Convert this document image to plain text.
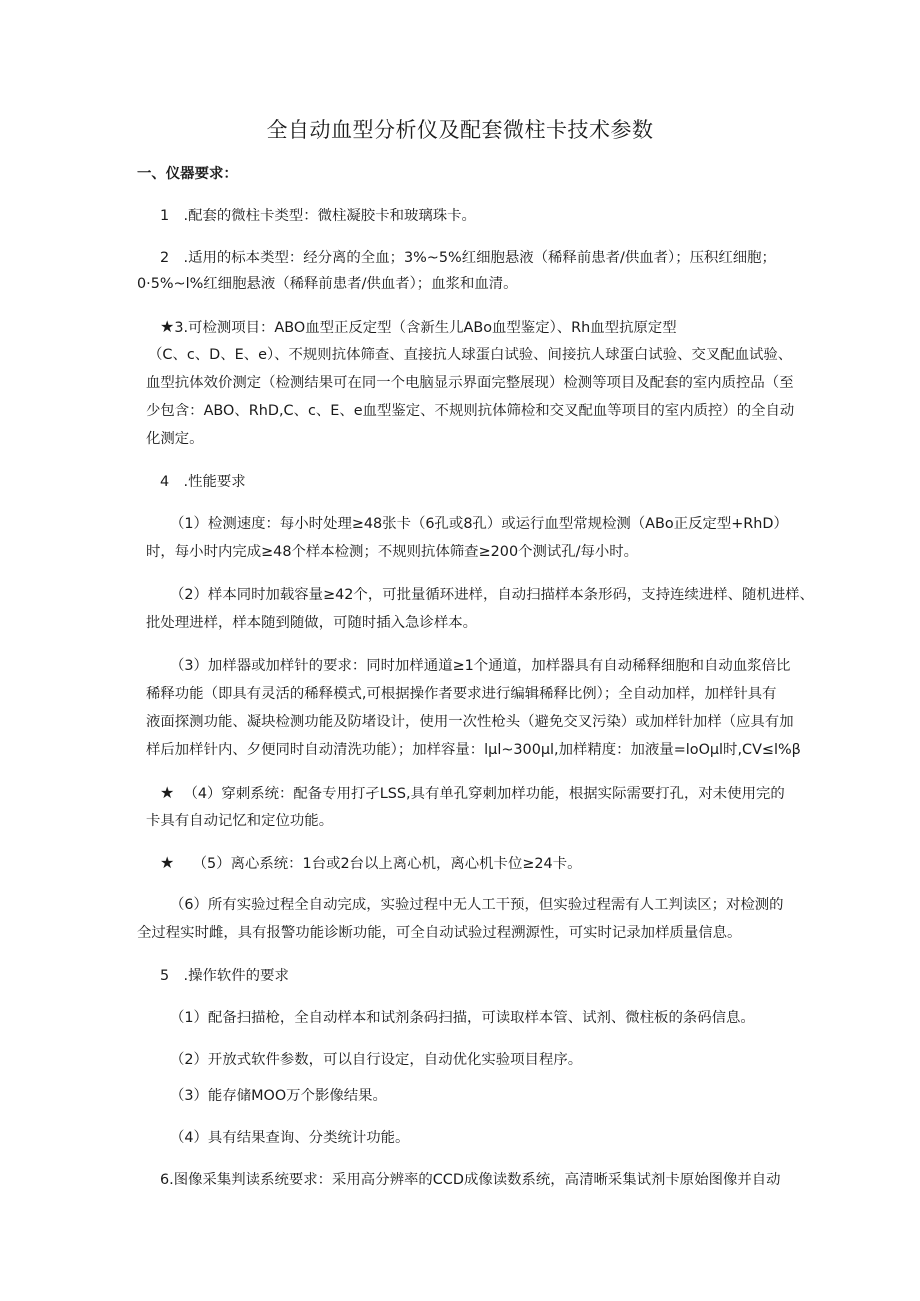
全自动血型分析仪及配套微柱卡技术参数
一、仪器要求：
1　.配套的微柱卡类型：微柱凝胶卡和玻璃珠卡。
2　.适用的标本类型：经分离的全血；3%~5%红细胞悬液（稀释前患者/供血者）；压积红细胞；
0·5%~l%红细胞悬液（稀释前患者/供血者）；血浆和血清。
★3.可检测项目：ABO血型正反定型（含新生儿ABo血型鉴定）、Rh血型抗原定型
（C、c、D、E、e）、不规则抗体筛查、直接抗人球蛋白试验、间接抗人球蛋白试验、交叉配血试验、
血型抗体效价测定（检测结果可在同一个电脑显示界面完整展现）检测等项目及配套的室内质控品（至
少包含：ABO、RhD,C、c、E、e血型鉴定、不规则抗体筛检和交叉配血等项目的室内质控）的全自动
化测定。
4　.性能要求
（1）检测速度：每小时处理≥48张卡（6孔或8孔）或运行血型常规检测（ABo正反定型+RhD）
时，每小时内完成≥48个样本检测；不规则抗体筛查≥200个测试孔/每小时。
（2）样本同时加载容量≥42个，可批量循环进样，自动扫描样本条形码，支持连续进样、随机进样、
批处理进样，样本随到随做，可随时插入急诊样本。
（3）加样器或加样针的要求：同时加样通道≥1个通道，加样器具有自动稀释细胞和自动血浆倍比
稀释功能（即具有灵活的稀释模式,可根据操作者要求进行编辑稀释比例）；全自动加样，加样针具有
液面探测功能、凝块检测功能及防堵设计，使用一次性枪头（避免交叉污染）或加样针加样（应具有加
样后加样针内、夕便同时自动清洗功能）；加样容量：lμl~300μl,加样精度：加液量=loOμl时,CV≤l%β
★ （4）穿刺系统：配备专用打孑LSS,具有单孔穿刺加样功能，根据实际需要打孔，对未使用完的
卡具有自动记忆和定位功能。
★ （5）离心系统：1台或2台以上离心机，离心机卡位≥24卡。
（6）所有实验过程全自动完成，实验过程中无人工干预，但实验过程需有人工判读区；对检测的
全过程实时雌，具有报警功能诊断功能，可全自动试验过程溯源性，可实时记录加样质量信息。
5　.操作软件的要求
（1）配备扫描枪，全自动样本和试剂条码扫描，可读取样本管、试剂、微柱板的条码信息。
（2）开放式软件参数，可以自行设定，自动优化实验项目程序。
（3）能存储MOO万个影像结果。
（4）具有结果查询、分类统计功能。
6.图像采集判读系统要求：采用高分辨率的CCD成像读数系统，高清晰采集试剂卡原始图像并自动
